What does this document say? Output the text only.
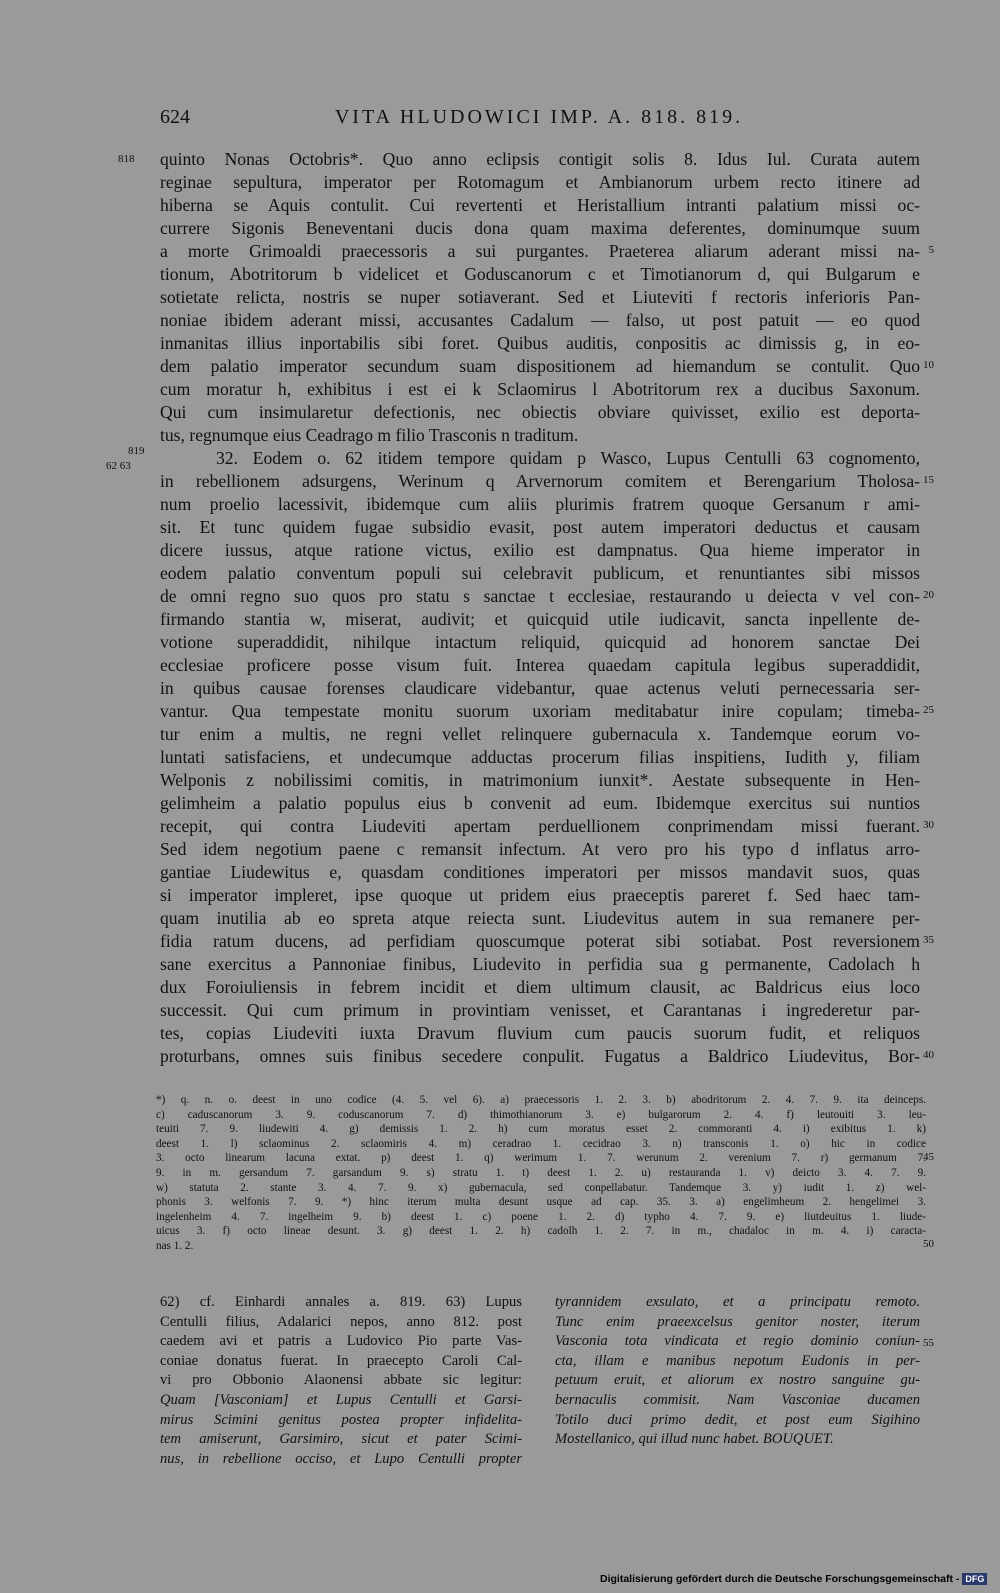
624	VITA HLUDOWICI IMP. A. 818. 819.
818
819
62 63
5
10
15
20
25
30
35
40
45
50
55
quinto Nonas Octobris*. Quo anno eclipsis contigit solis 8. Idus Iul. Curata autem
reginae sepultura, imperator per Rotomagum et Ambianorum urbem recto itinere ad
hiberna se Aquis contulit. Cui revertenti et Heristallium intranti palatium missi oc-
currere Sigonis Beneventani ducis dona quam maxima deferentes, dominumque suum
a morte Grimoaldi praecessoris a sui purgantes. Praeterea aliarum aderant missi na-
tionum, Abotritorum b videlicet et Goduscanorum c et Timotianorum d, qui Bulgarum e
sotietate relicta, nostris se nuper sotiaverant. Sed et Liuteviti f rectoris inferioris Pan-
noniae ibidem aderant missi, accusantes Cadalum — falso, ut post patuit — eo quod
inmanitas illius inportabilis sibi foret. Quibus auditis, conpositis ac dimissis g, in eo-
dem palatio imperator secundum suam dispositionem ad hiemandum se contulit. Quo
cum moratur h, exhibitus i est ei k Sclaomirus l Abotritorum rex a ducibus Saxonum.
Qui cum insimularetur defectionis, nec obiectis obviare quivisset, exilio est deporta-
tus, regnumque eius Ceadrago m filio Trasconis n traditum.
32. Eodem o. 62 itidem tempore quidam p Wasco, Lupus Centulli 63 cognomento,
in rebellionem adsurgens, Werinum q Arvernorum comitem et Berengarium Tholosa-
num proelio lacessivit, ibidemque cum aliis plurimis fratrem quoque Gersanum r ami-
sit. Et tunc quidem fugae subsidio evasit, post autem imperatori deductus et causam
dicere iussus, atque ratione victus, exilio est dampnatus. Qua hieme imperator in
eodem palatio conventum populi sui celebravit publicum, et renuntiantes sibi missos
de omni regno suo quos pro statu s sanctae t ecclesiae, restaurando u deiecta v vel con-
firmando stantia w, miserat, audivit; et quicquid utile iudicavit, sancta inpellente de-
votione superaddidit, nihilque intactum reliquid, quicquid ad honorem sanctae Dei
ecclesiae proficere posse visum fuit. Interea quaedam capitula legibus superaddidit,
in quibus causae forenses claudicare videbantur, quae actenus veluti pernecessaria ser-
vantur. Qua tempestate monitu suorum uxoriam meditabatur inire copulam; timeba-
tur enim a multis, ne regni vellet relinquere gubernacula x. Tandemque eorum vo-
luntati satisfaciens, et undecumque adductas procerum filias inspitiens, Iudith y, filiam
Welponis z nobilissimi comitis, in matrimonium iunxit*. Aestate subsequente in Hen-
gelimheim a palatio populus eius b convenit ad eum. Ibidemque exercitus sui nuntios
recepit, qui contra Liudeviti apertam perduellionem conprimendam missi fuerant.
Sed idem negotium paene c remansit infectum. At vero pro his typo d inflatus arro-
gantiae Liudewitus e, quasdam conditiones imperatori per missos mandavit suos, quas
si imperator impleret, ipse quoque ut pridem eius praeceptis pareret f. Sed haec tam-
quam inutilia ab eo spreta atque reiecta sunt. Liudevitus autem in sua remanere per-
fidia ratum ducens, ad perfidiam quoscumque poterat sibi sotiabat. Post reversionem
sane exercitus a Pannoniae finibus, Liudevito in perfidia sua g permanente, Cadolach h
dux Foroiuliensis in febrem incidit et diem ultimum clausit, ac Baldricus eius loco
successit. Qui cum primum in provintiam venisset, et Carantanas i ingrederetur par-
tes, copias Liudeviti iuxta Dravum fluvium cum paucis suorum fudit, et reliquos
proturbans, omnes suis finibus secedere conpulit. Fugatus a Baldrico Liudevitus, Bor-
*) q. n. o. deest in uno codice (4. 5. vel 6). a) praecessoris 1. 2. 3. b) abodritorum 2. 4. 7. 9. ita deinceps.
c) caduscanorum 3. 9. coduscanorum 7. d) thimothianorum 3. e) bulgarorum 2. 4. f) leutouiti 3. leu-
teuiti 7. 9. liudewiti 4. g) demissis 1. 2. h) cum moratus esset 2. commoranti 4. i) exibitus 1. k)
deest 1. l) sclaominus 2. sclaomiris 4. m) ceradrao 1. cecidrao 3. n) transconis 1. o) hic in codice
3. octo linearum lacuna extat. p) deest 1. q) werimum 1. 7. werunum 2. verenium 7. r) germanum 7.
9. in m. gersandum 7. garsandum 9. s) stratu 1. t) deest 1. 2. u) restauranda 1. v) deicto 3. 4. 7. 9.
w) statuta 2. stante 3. 4. 7. 9. x) gubernacula, sed conpellabatur. Tandemque 3. y) iudit 1. z) wel-
phonis 3. welfonis 7. 9. *) hinc iterum multa desunt usque ad cap. 35. 3. a) engelimheum 2. hengelimei 3.
ingelenheim 4. 7. ingelheim 9. b) deest 1. c) poene 1. 2. d) typho 4. 7. 9. e) liutdeuitus 1. liude-
uicus 3. f) octo lineae desunt. 3. g) deest 1. 2. h) cadolh 1. 2. 7. in m., chadaloc in m. 4. i) caracta-
nas 1. 2.
62) cf. Einhardi annales a. 819. 63) Lupus
Centulli filius, Adalarici nepos, anno 812. post
caedem avi et patris a Ludovico Pio parte Vas-
coniae donatus fuerat. In praecepto Caroli Cal-
vi pro Obbonio Alaonensi abbate sic legitur:
Quam [Vasconiam] et Lupus Centulli et Garsi-
mirus Scimini genitus postea propter infidelita-
tem amiserunt, Garsimiro, sicut et pater Scimi-
nus, in rebellione occiso, et Lupo Centulli propter
tyrannidem exsulato, et a principatu remoto.
Tunc enim praeexcelsus genitor noster, iterum
Vasconia tota vindicata et regio dominio coniun-
cta, illam e manibus nepotum Eudonis in per-
petuum eruit, et aliorum ex nostro sanguine gu-
bernaculis commisit. Nam Vasconiae ducamen
Totilo duci primo dedit, et post eum Sigihino
Mostellanico, qui illud nunc habet. BOUQUET.
Digitalisierung gefördert durch die Deutsche Forschungsgemeinschaft - DFG
